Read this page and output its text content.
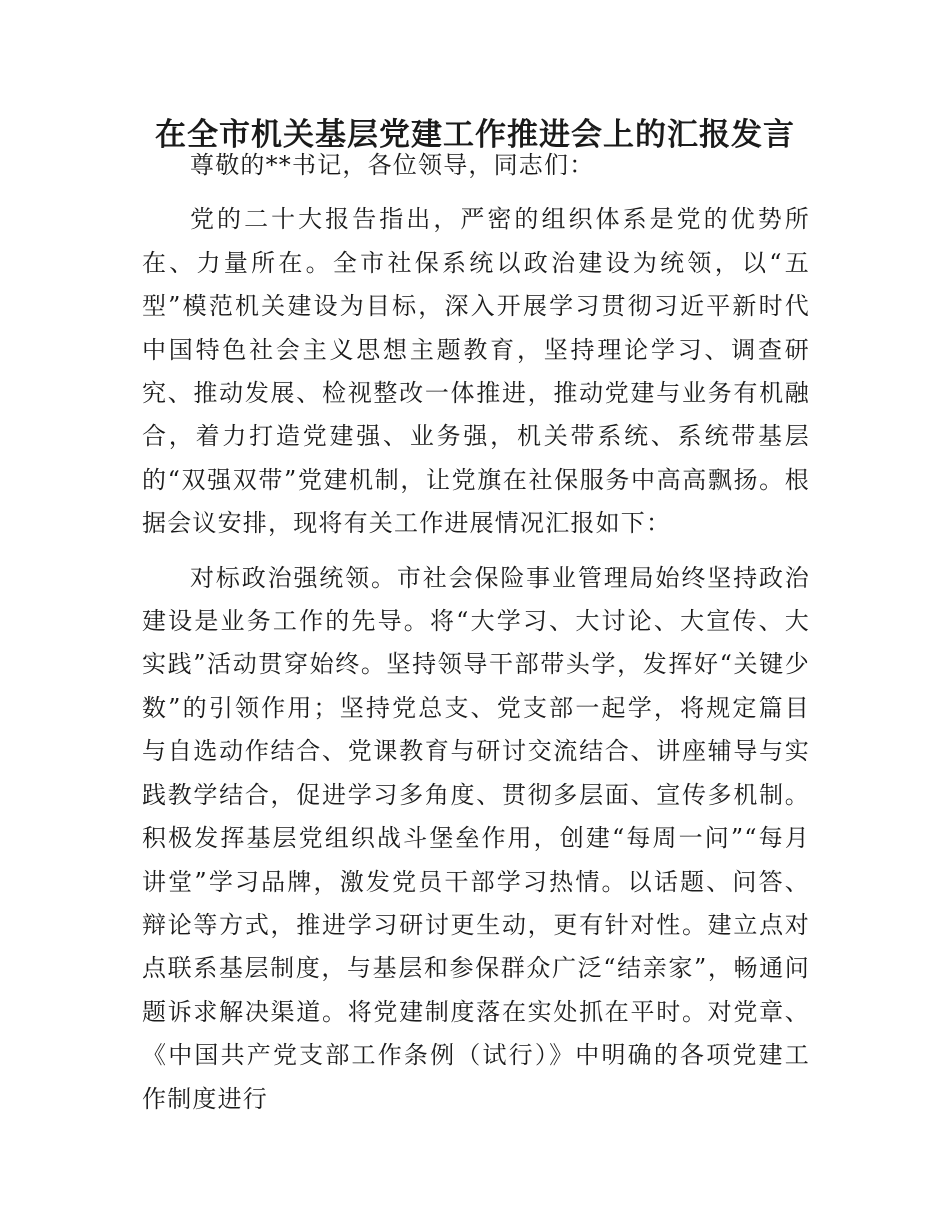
在全市机关基层党建工作推进会上的汇报发言

尊敬的**书记，各位领导，同志们：

党的二十大报告指出，严密的组织体系是党的优势所在、力量所在。全市社保系统以政治建设为统领，以“五型”模范机关建设为目标，深入开展学习贯彻习近平新时代中国特色社会主义思想主题教育，坚持理论学习、调查研究、推动发展、检视整改一体推进，推动党建与业务有机融合，着力打造党建强、业务强，机关带系统、系统带基层的“双强双带”党建机制，让党旗在社保服务中高高飘扬。根据会议安排，现将有关工作进展情况汇报如下：

对标政治强统领。市社会保险事业管理局始终坚持政治建设是业务工作的先导。将“大学习、大讨论、大宣传、大实践”活动贯穿始终。坚持领导干部带头学，发挥好“关键少数”的引领作用；坚持党总支、党支部一起学，将规定篇目与自选动作结合、党课教育与研讨交流结合、讲座辅导与实践教学结合，促进学习多角度、贯彻多层面、宣传多机制。积极发挥基层党组织战斗堡垒作用，创建“每周一问”“每月讲堂”学习品牌，激发党员干部学习热情。以话题、问答、辩论等方式，推进学习研讨更生动，更有针对性。建立点对点联系基层制度，与基层和参保群众广泛“结亲家”，畅通问题诉求解决渠道。将党建制度落在实处抓在平时。对党章、《中国共产党支部工作条例（试行）》中明确的各项党建工作制度进行
